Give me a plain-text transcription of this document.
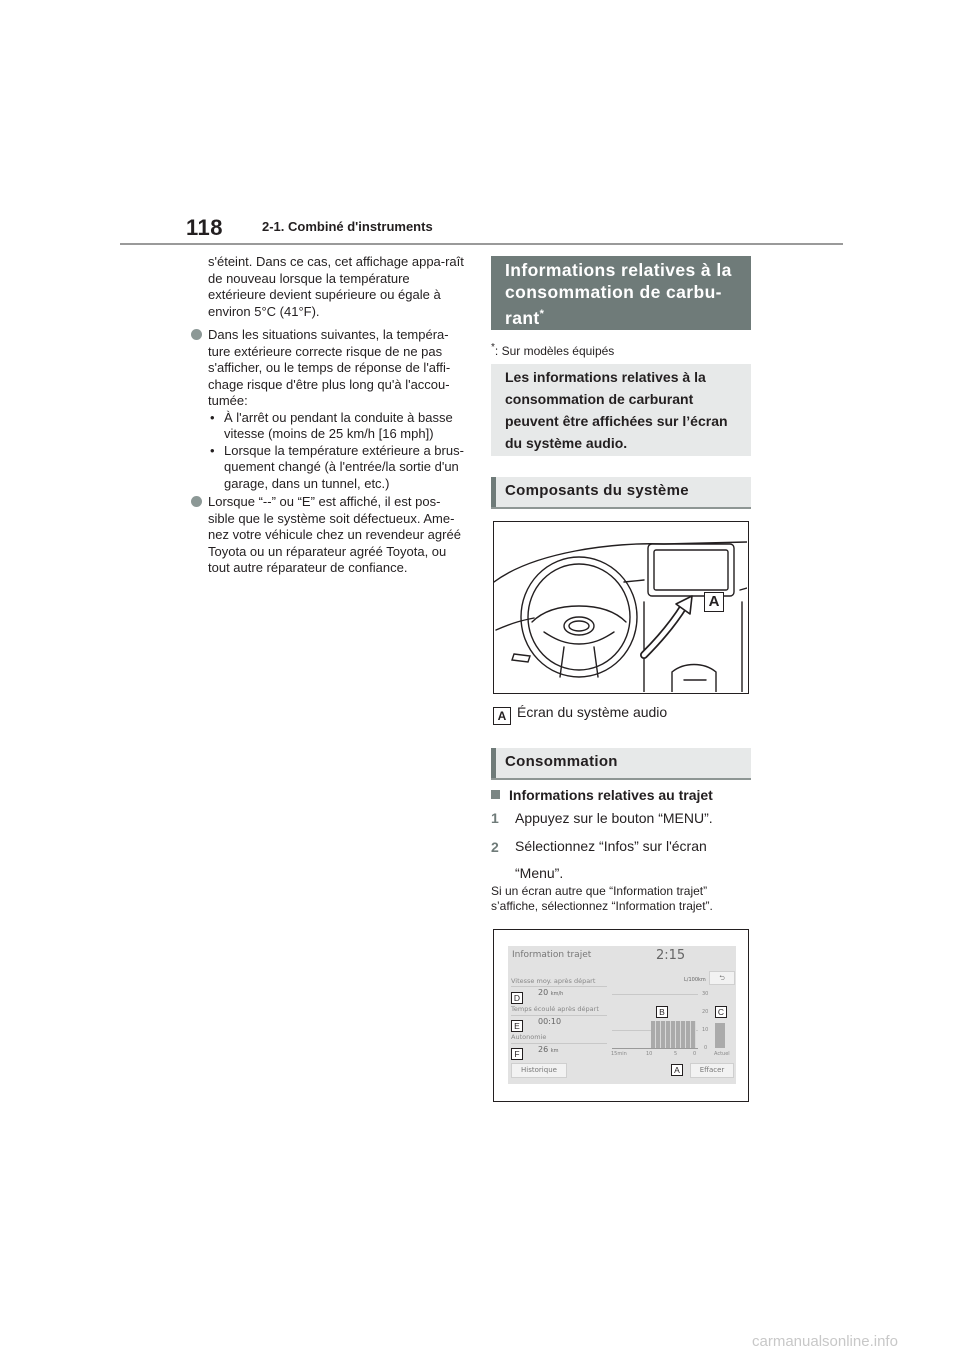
118	2-1. Combiné d'instruments
s'éteint. Dans ce cas, cet affichage appa-raît de nouveau lorsque la température extérieure devient supérieure ou égale à environ 5°C (41°F).
Dans les situations suivantes, la tempéra-ture extérieure correcte risque de ne pas s'afficher, ou le temps de réponse de l'affi-chage risque d'être plus long qu'à l'accou-tumée:
• À l'arrêt ou pendant la conduite à basse vitesse (moins de 25 km/h [16 mph])
• Lorsque la température extérieure a brus-quement changé (à l'entrée/la sortie d'un garage, dans un tunnel, etc.)
Lorsque “--” ou “E” est affiché, il est pos-sible que le système soit défectueux. Ame-nez votre véhicule chez un revendeur agréé Toyota ou un réparateur agréé Toyota, ou tout autre réparateur de confiance.
Informations relatives à la consommation de carbu-rant*
*: Sur modèles équipés
Les informations relatives à la consommation de carburant peuvent être affichées sur l’écran du système audio.
Composants du système
A
A Écran du système audio
Consommation
Informations relatives au trajet
1 Appuyez sur le bouton “MENU”.
2	Sélectionnez “Infos” sur l'écran “Menu”.
Si un écran autre que “Information trajet” s’affiche, sélectionnez “Information trajet”.
Information trajet	2:15
L/100km	⮌
Vitesse moy. après départ
20 km/h
Temps écoulé après départ
00:10
Autonomie
26 km
30
20
10
0
15min	10	5	0	Actuel
Historique	Effacer
D
E
F
B	C
A
carmanualsonline.info
